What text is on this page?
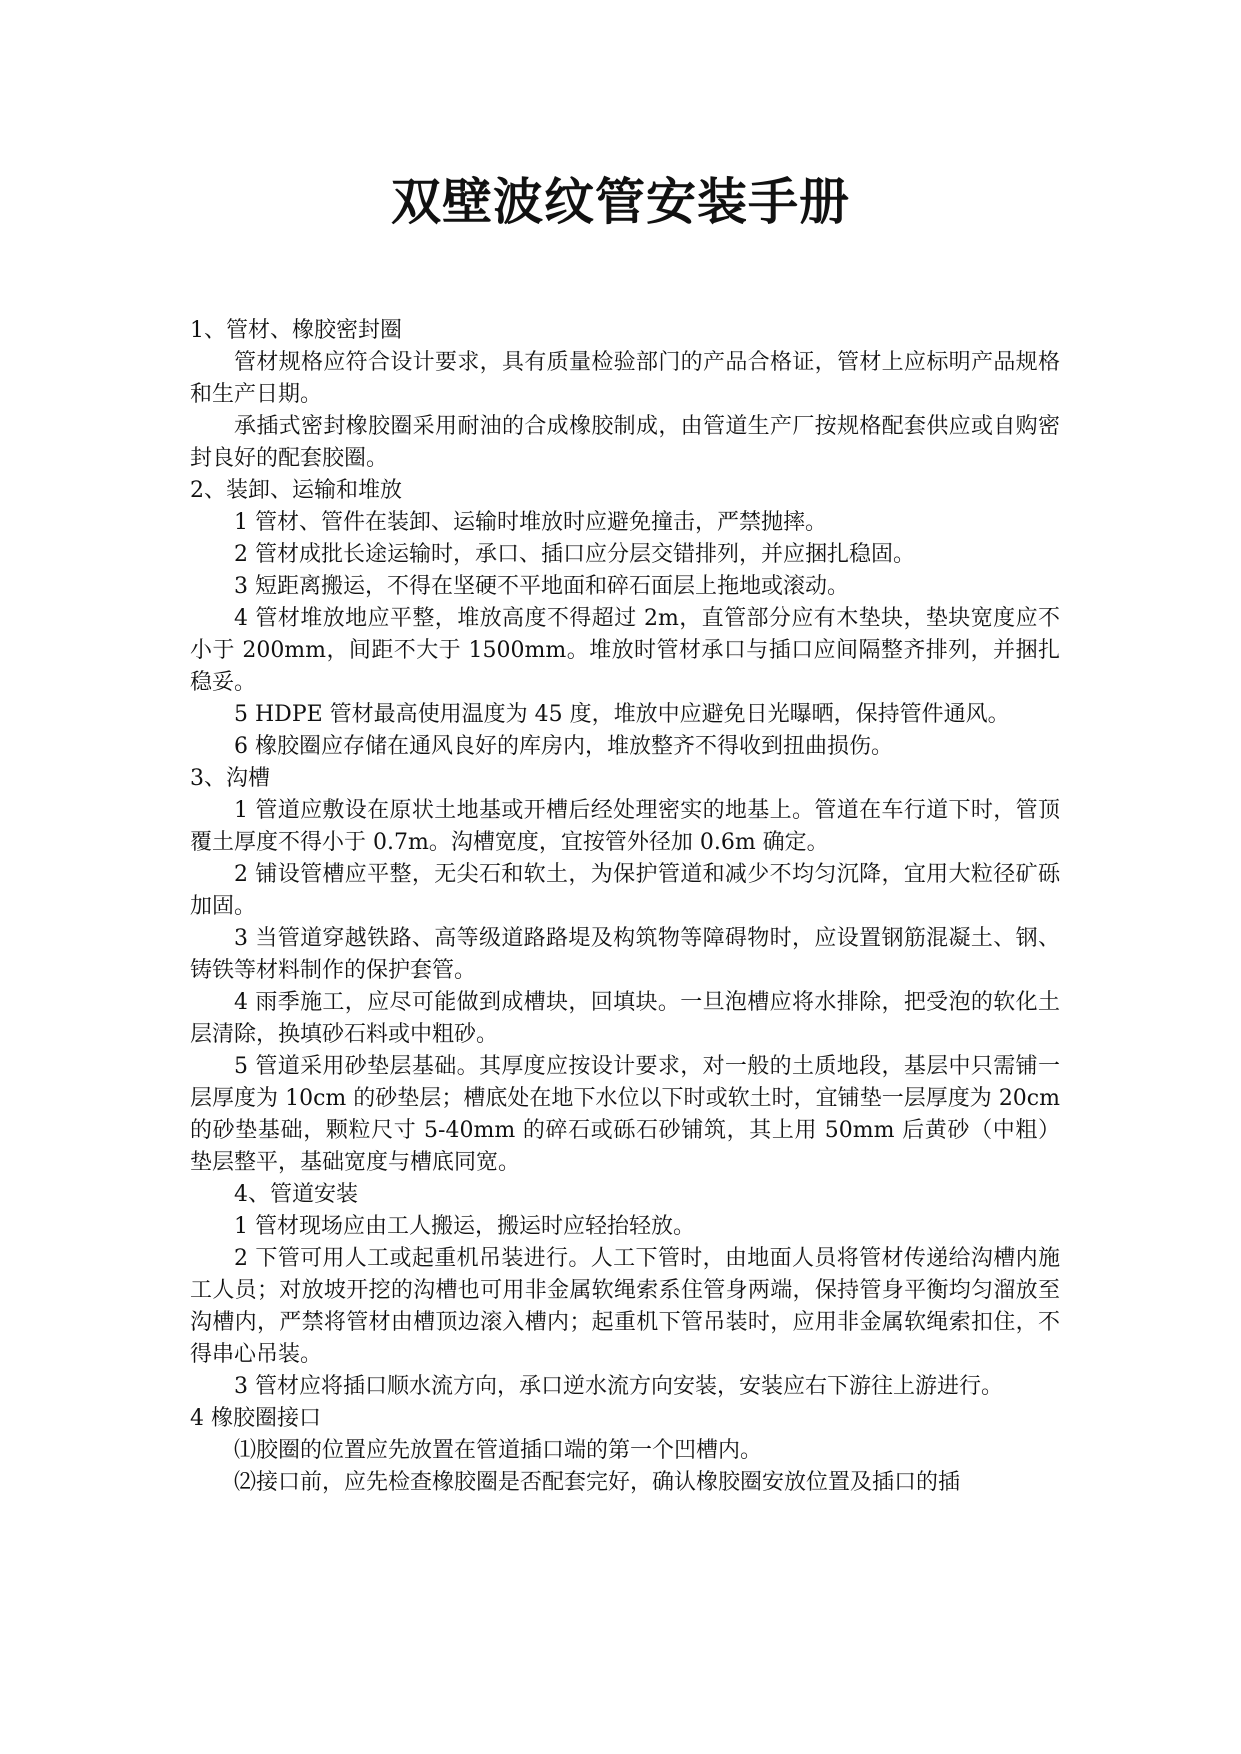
双壁波纹管安装手册

1、管材、橡胶密封圈

管材规格应符合设计要求，具有质量检验部门的产品合格证，管材上应标明产品规格和生产日期。

承插式密封橡胶圈采用耐油的合成橡胶制成，由管道生产厂按规格配套供应或自购密封良好的配套胶圈。

2、装卸、运输和堆放

1 管材、管件在装卸、运输时堆放时应避免撞击，严禁抛摔。

2 管材成批长途运输时，承口、插口应分层交错排列，并应捆扎稳固。

3 短距离搬运，不得在坚硬不平地面和碎石面层上拖地或滚动。

4 管材堆放地应平整，堆放高度不得超过 2m，直管部分应有木垫块，垫块宽度应不小于 200mm，间距不大于 1500mm。堆放时管材承口与插口应间隔整齐排列，并捆扎稳妥。

5 HDPE 管材最高使用温度为 45 度，堆放中应避免日光曝晒，保持管件通风。

6 橡胶圈应存储在通风良好的库房内，堆放整齐不得收到扭曲损伤。

3、沟槽

1 管道应敷设在原状土地基或开槽后经处理密实的地基上。管道在车行道下时，管顶覆土厚度不得小于 0.7m。沟槽宽度，宜按管外径加 0.6m 确定。

2 铺设管槽应平整，无尖石和软土，为保护管道和减少不均匀沉降，宜用大粒径矿砾加固。

3 当管道穿越铁路、高等级道路路堤及构筑物等障碍物时，应设置钢筋混凝土、钢、铸铁等材料制作的保护套管。

4 雨季施工，应尽可能做到成槽块，回填块。一旦泡槽应将水排除，把受泡的软化土层清除，换填砂石料或中粗砂。

5 管道采用砂垫层基础。其厚度应按设计要求，对一般的土质地段，基层中只需铺一层厚度为 10cm 的砂垫层；槽底处在地下水位以下时或软土时，宜铺垫一层厚度为 20cm 的砂垫基础，颗粒尺寸 5-40mm 的碎石或砾石砂铺筑，其上用 50mm 后黄砂（中粗）垫层整平，基础宽度与槽底同宽。

4、管道安装

1 管材现场应由工人搬运，搬运时应轻抬轻放。

2 下管可用人工或起重机吊装进行。人工下管时，由地面人员将管材传递给沟槽内施工人员；对放坡开挖的沟槽也可用非金属软绳索系住管身两端，保持管身平衡均匀溜放至沟槽内，严禁将管材由槽顶边滚入槽内；起重机下管吊装时，应用非金属软绳索扣住，不得串心吊装。

3 管材应将插口顺水流方向，承口逆水流方向安装，安装应右下游往上游进行。

4 橡胶圈接口

⑴胶圈的位置应先放置在管道插口端的第一个凹槽内。

⑵接口前，应先检查橡胶圈是否配套完好，确认橡胶圈安放位置及插口的插
